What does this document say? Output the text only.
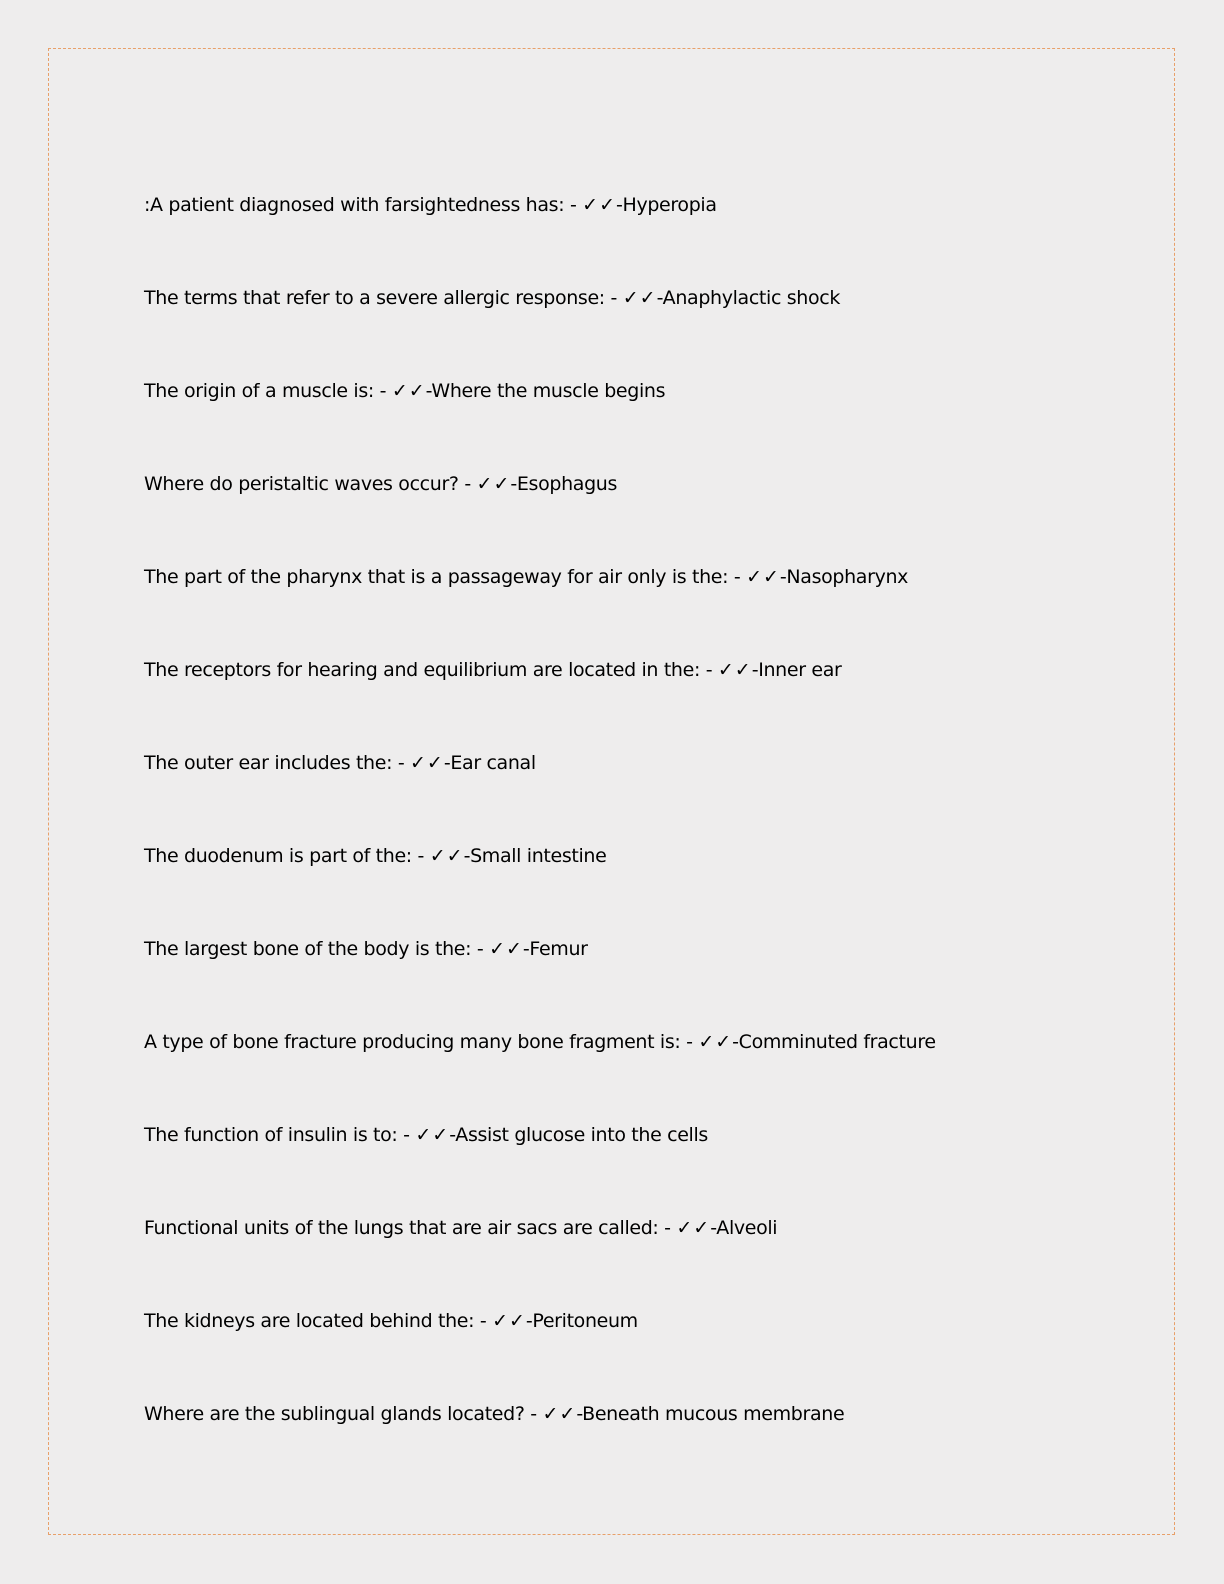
:A patient diagnosed with farsightedness has: - ✓✓-Hyperopia
The terms that refer to a severe allergic response: - ✓✓-Anaphylactic shock
The origin of a muscle is: - ✓✓-Where the muscle begins
Where do peristaltic waves occur? - ✓✓-Esophagus
The part of the pharynx that is a passageway for air only is the: - ✓✓-Nasopharynx
The receptors for hearing and equilibrium are located in the: - ✓✓-Inner ear
The outer ear includes the: - ✓✓-Ear canal
The duodenum is part of the: - ✓✓-Small intestine
The largest bone of the body is the: - ✓✓-Femur
A type of bone fracture producing many bone fragment is: - ✓✓-Comminuted fracture
The function of insulin is to: - ✓✓-Assist glucose into the cells
Functional units of the lungs that are air sacs are called: - ✓✓-Alveoli
The kidneys are located behind the: - ✓✓-Peritoneum
Where are the sublingual glands located? - ✓✓-Beneath mucous membrane
